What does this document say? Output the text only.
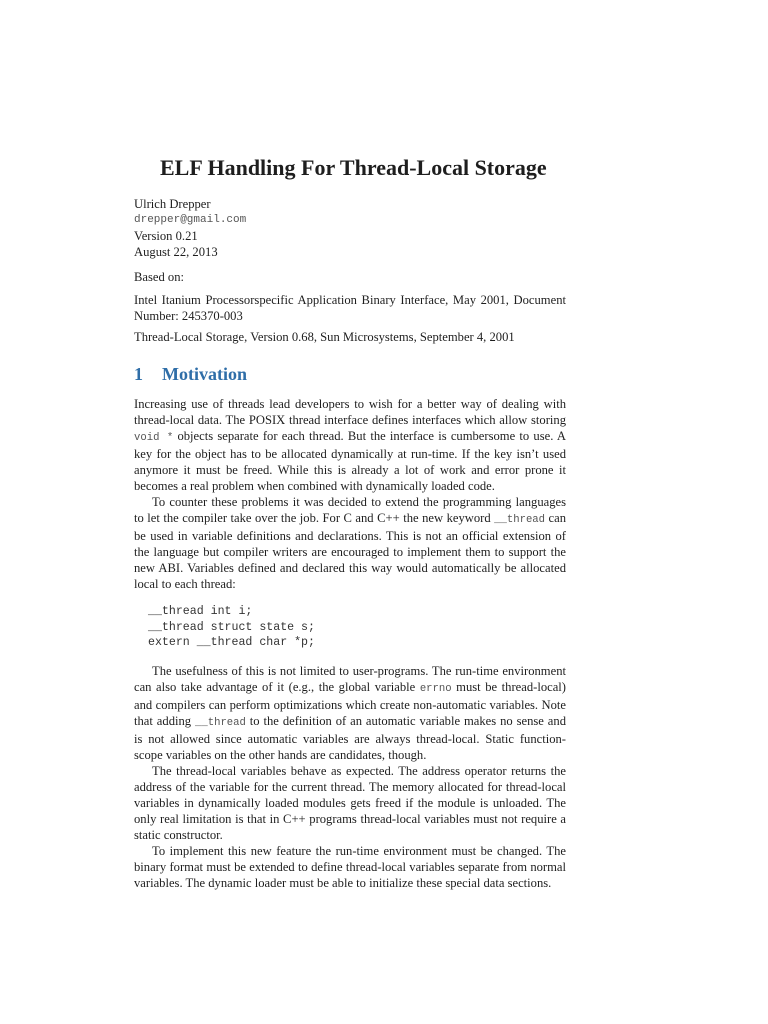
ELF Handling For Thread-Local Storage
Ulrich Drepper
drepper@gmail.com
Version 0.21
August 22, 2013

Based on:

Intel Itanium Processorspecific Application Binary Interface, May 2001, Document Number: 245370-003

Thread-Local Storage, Version 0.68, Sun Microsystems, September 4, 2001

1 Motivation

Increasing use of threads lead developers to wish for a better way of dealing with thread-local data. The POSIX thread interface defines interfaces which allow storing void * objects separate for each thread. But the interface is cumbersome to use. A key for the object has to be allocated dynamically at run-time. If the key isn’t used anymore it must be freed. While this is already a lot of work and error prone it becomes a real problem when combined with dynamically loaded code.

To counter these problems it was decided to extend the programming languages to let the compiler take over the job. For C and C++ the new keyword __thread can be used in variable definitions and declarations. This is not an official extension of the language but compiler writers are encouraged to implement them to support the new ABI. Variables defined and declared this way would automatically be allocated local to each thread:

__thread int i;
__thread struct state s;
extern __thread char *p;

The usefulness of this is not limited to user-programs. The run-time environment can also take advantage of it (e.g., the global variable errno must be thread-local) and compilers can perform optimizations which create non-automatic variables. Note that adding __thread to the definition of an automatic variable makes no sense and is not allowed since automatic variables are always thread-local. Static function-scope variables on the other hands are candidates, though.

The thread-local variables behave as expected. The address operator returns the address of the variable for the current thread. The memory allocated for thread-local variables in dynamically loaded modules gets freed if the module is unloaded. The only real limitation is that in C++ programs thread-local variables must not require a static constructor.

To implement this new feature the run-time environment must be changed. The binary format must be extended to define thread-local variables separate from normal variables. The dynamic loader must be able to initialize these special data sections.
